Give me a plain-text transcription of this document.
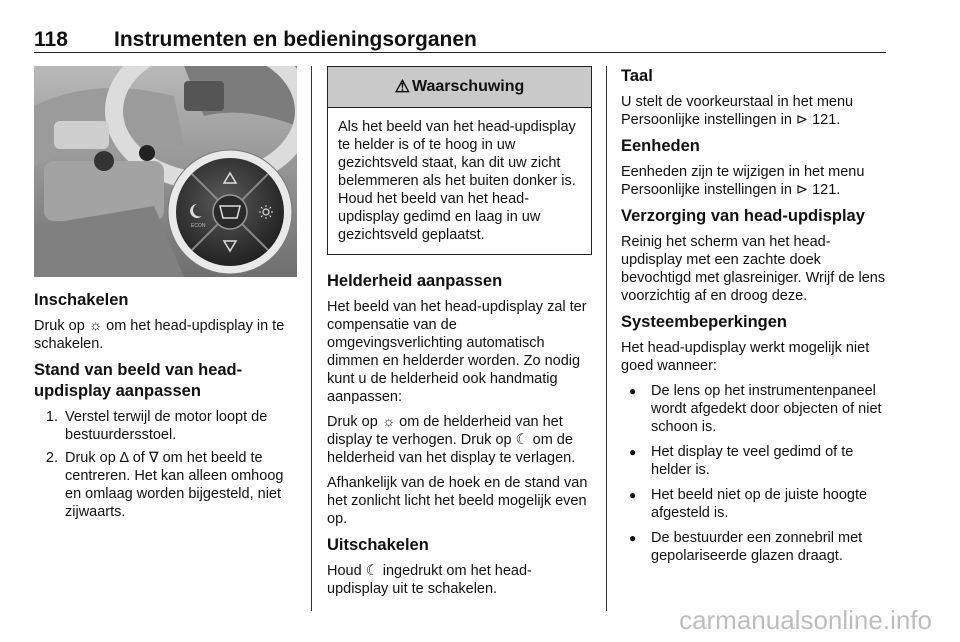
118 Instrumenten en bedieningsorganen
ECON
Inschakelen

Druk op ☼ om het head-updisplay in te schakelen.

Stand van beeld van head-updisplay aanpassen
1. Verstel terwijl de motor loopt de bestuurdersstoel.
2. Druk op ∆ of ∇ om het beeld te centreren. Het kan alleen omhoog en omlaag worden bijgesteld, niet zijwaarts.
⚠ Waarschuwing
Als het beeld van het head-updisplay te helder is of te hoog in uw gezichtsveld staat, kan dit uw zicht belemmeren als het buiten donker is. Houd het beeld van het head-updisplay gedimd en laag in uw gezichtsveld geplaatst.
Helderheid aanpassen

Het beeld van het head-updisplay zal ter compensatie van de omgevingsverlichting automatisch dimmen en helderder worden. Zo nodig kunt u de helderheid ook handmatig aanpassen:

Druk op ☼ om de helderheid van het display te verhogen. Druk op ☾ om de helderheid van het display te verlagen.

Afhankelijk van de hoek en de stand van het zonlicht licht het beeld mogelijk even op.

Uitschakelen

Houd ☾ ingedrukt om het head-updisplay uit te schakelen.

Taal

U stelt de voorkeurstaal in het menu Persoonlijke instellingen in ⊳ 121.

Eenheden

Eenheden zijn te wijzigen in het menu Persoonlijke instellingen in ⊳ 121.

Verzorging van head-updisplay

Reinig het scherm van het head-updisplay met een zachte doek bevochtigd met glasreiniger. Wrijf de lens voorzichtig af en droog deze.

Systeembeperkingen

Het head-updisplay werkt mogelijk niet goed wanneer:

● De lens op het instrumentenpaneel wordt afgedekt door objecten of niet schoon is.
● Het display te veel gedimd of te helder is.
● Het beeld niet op de juiste hoogte afgesteld is.
● De bestuurder een zonnebril met gepolariseerde glazen draagt.
carmanualsonline.info
